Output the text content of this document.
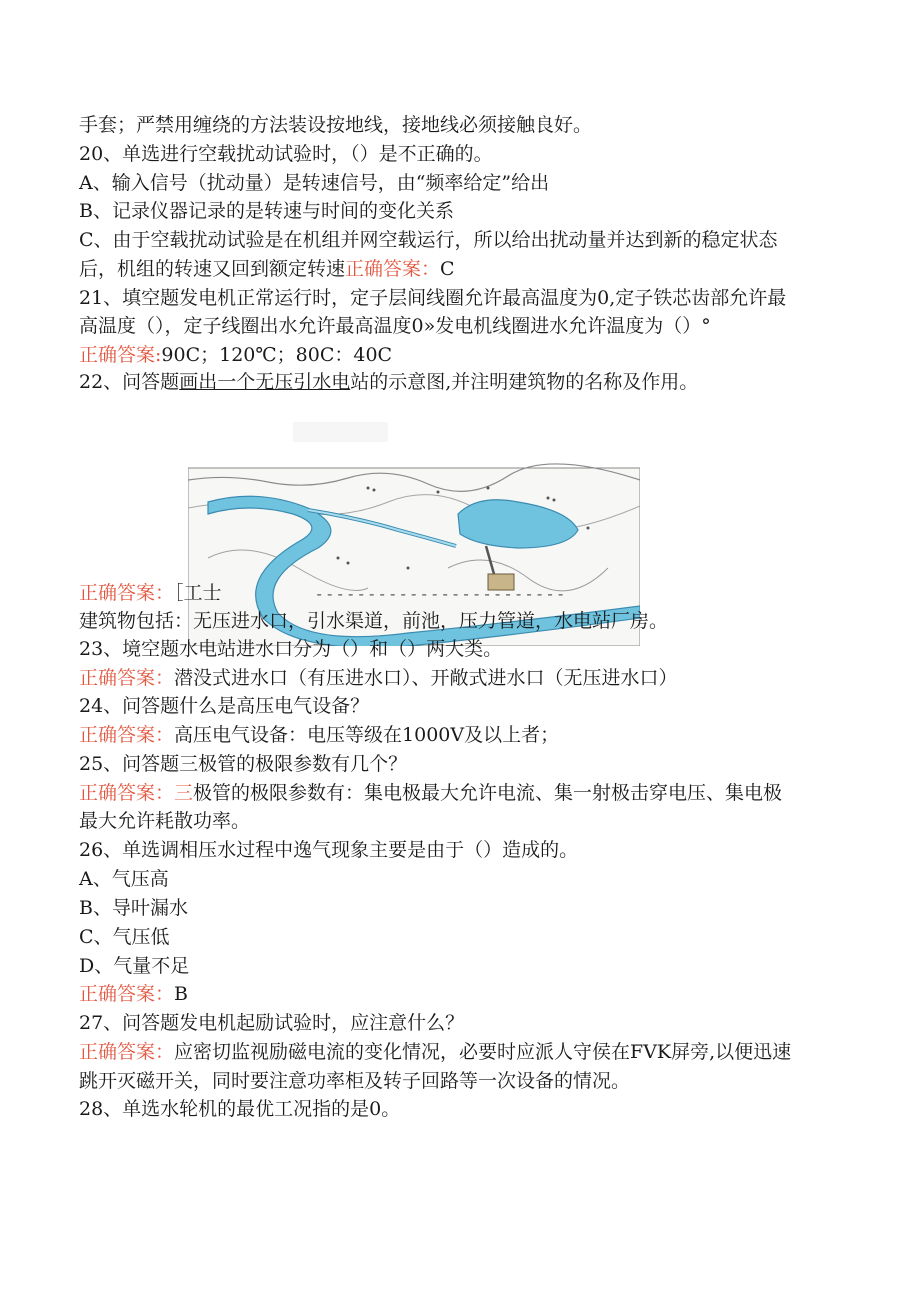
手套；严禁用缠绕的方法装设按地线，接地线必须接触良好。
20、单选进行空载扰动试验时，（）是不正确的。
A、输入信号（扰动量）是转速信号，由“频率给定”给出
B、记录仪器记录的是转速与时间的变化关系
C、由于空载扰动试验是在机组并网空载运行，所以给出扰动量并达到新的稳定状态
后，机组的转速又回到额定转速正确答案：C
21、填空题发电机正常运行时，定子层间线圈允许最高温度为0,定子铁芯齿部允许最
高温度（），定子线圈出水允许最高温度0»发电机线圈进水允许温度为（）°
正确答案:90C；120℃；80C：40C
22、问答题画出一个无压引水电站的示意图,并注明建筑物的名称及作用。
正确答案：［工士	- - - - - - - - - - - - - - - - - - - - - - - -
建筑物包括：无压进水口，引水渠道，前池，压力管道，水电站厂房。
23、境空题水电站进水口分为（）和（）两大类。
正确答案：潜没式进水口（有压进水口）、开敞式进水口（无压进水口）
24、问答题什么是高压电气设备？
正确答案：高压电气设备：电压等级在1000V及以上者；
25、问答题三极管的极限参数有几个？
正确答案：三极管的极限参数有：集电极最大允许电流、集一射极击穿电压、集电极
最大允许耗散功率。
26、单选调相压水过程中逸气现象主要是由于（）造成的。
A、气压高
B、导叶漏水
C、气压低
D、气量不足
正确答案：B
27、问答题发电机起励试验时，应注意什么？
正确答案：应密切监视励磁电流的变化情况，必要时应派人守侯在FVK屏旁,以便迅速
跳开灭磁开关，同时要注意功率柜及转子回路等一次设备的情况。
28、单选水轮机的最优工况指的是0。
